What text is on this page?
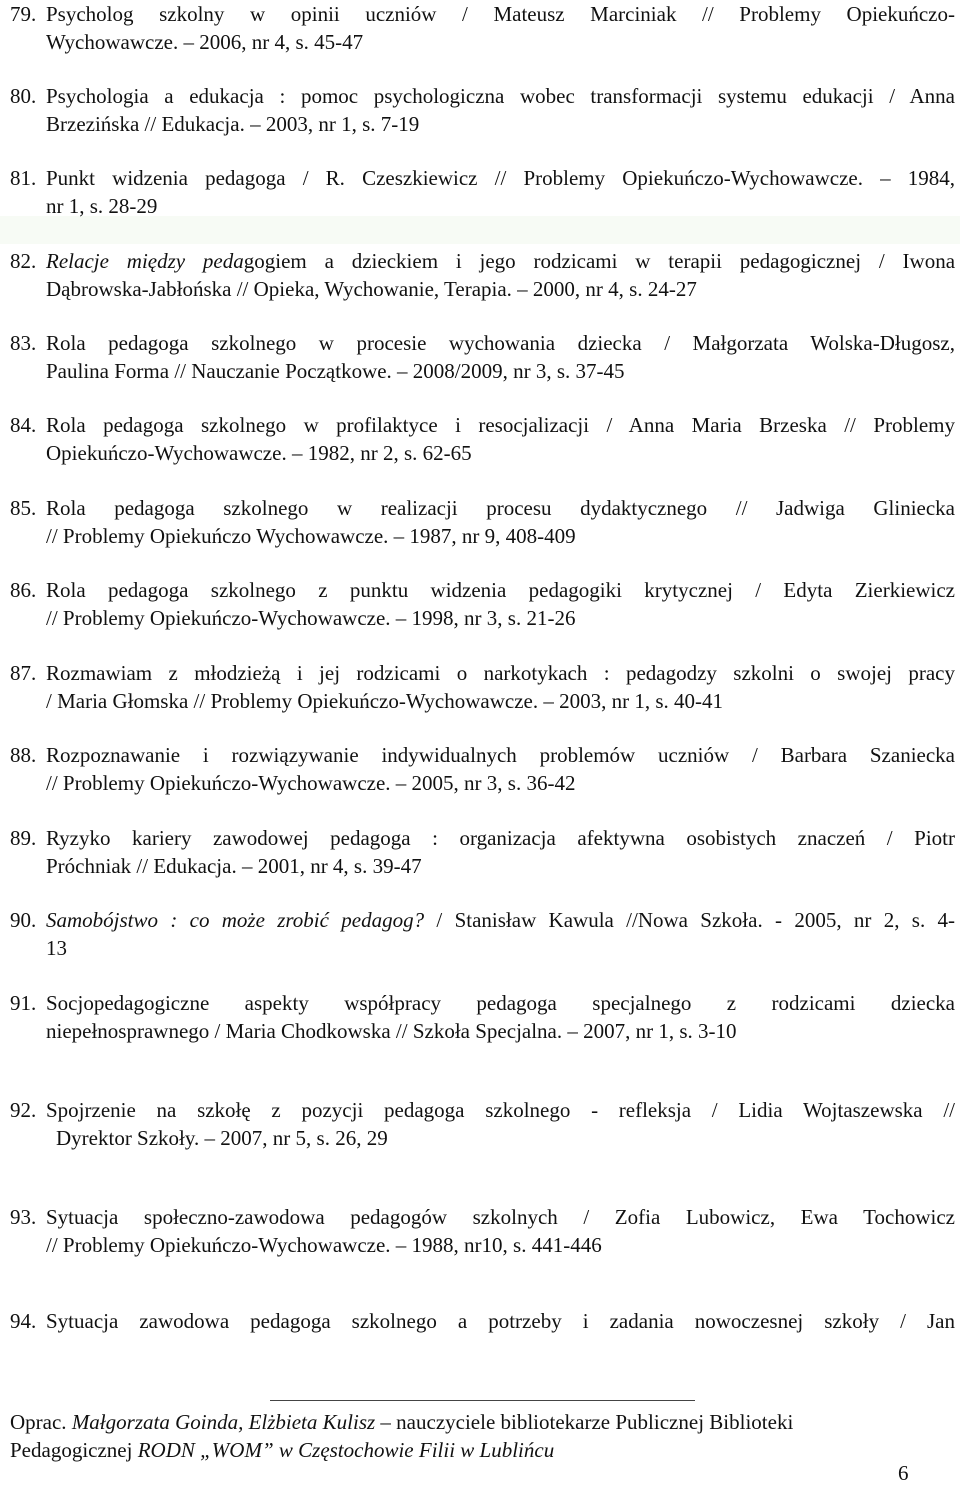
79. Psycholog szkolny w opinii uczniów / Mateusz Marciniak // Problemy Opiekuńczo-
Wychowawcze. – 2006, nr 4, s. 45-47
80. Psychologia a edukacja : pomoc psychologiczna wobec transformacji systemu edukacji / Anna
Brzezińska // Edukacja. – 2003, nr 1, s. 7-19
81. Punkt widzenia pedagoga / R. Czeszkiewicz // Problemy Opiekuńczo-Wychowawcze. – 1984,
nr 1, s. 28-29
82. Relacje między pedagogiem a dzieckiem i jego rodzicami w terapii pedagogicznej / Iwona
Dąbrowska-Jabłońska // Opieka, Wychowanie, Terapia. – 2000, nr 4, s. 24-27
83. Rola pedagoga szkolnego w procesie wychowania dziecka / Małgorzata Wolska-Długosz,
Paulina Forma // Nauczanie Początkowe. – 2008/2009, nr 3, s. 37-45
84. Rola pedagoga szkolnego w profilaktyce i resocjalizacji / Anna Maria Brzeska // Problemy
Opiekuńczo-Wychowawcze. – 1982, nr 2, s. 62-65
85. Rola pedagoga szkolnego w realizacji procesu dydaktycznego // Jadwiga Gliniecka
// Problemy Opiekuńczo Wychowawcze. – 1987, nr 9, 408-409
86. Rola pedagoga szkolnego z punktu widzenia pedagogiki krytycznej / Edyta Zierkiewicz
// Problemy Opiekuńczo-Wychowawcze. – 1998, nr 3, s. 21-26
87. Rozmawiam z młodzieżą i jej rodzicami o narkotykach : pedagodzy szkolni o swojej pracy
/ Maria Głomska // Problemy Opiekuńczo-Wychowawcze. – 2003, nr 1, s. 40-41
88. Rozpoznawanie i rozwiązywanie indywidualnych problemów uczniów / Barbara Szaniecka
// Problemy Opiekuńczo-Wychowawcze. – 2005, nr 3, s. 36-42
89. Ryzyko kariery zawodowej pedagoga : organizacja afektywna osobistych znaczeń / Piotr
Próchniak // Edukacja. – 2001, nr 4, s. 39-47
90. Samobójstwo : co może zrobić pedagog? / Stanisław Kawula //Nowa Szkoła. - 2005, nr 2, s. 4-
13
91. Socjopedagogiczne aspekty współpracy pedagoga specjalnego z rodzicami dziecka
niepełnosprawnego / Maria Chodkowska // Szkoła Specjalna. – 2007, nr 1, s. 3-10
92. Spojrzenie na szkołę z pozycji pedagoga szkolnego - refleksja / Lidia Wojtaszewska //
Dyrektor Szkoły. – 2007, nr 5, s. 26, 29
93. Sytuacja społeczno-zawodowa pedagogów szkolnych / Zofia Lubowicz, Ewa Tochowicz
// Problemy Opiekuńczo-Wychowawcze. – 1988, nr10, s. 441-446
94. Sytuacja zawodowa pedagoga szkolnego a potrzeby i zadania nowoczesnej szkoły / Jan
Oprac. Małgorzata Goinda, Elżbieta Kulisz – nauczyciele bibliotekarze Publicznej Biblioteki
Pedagogicznej RODN „WOM” w Częstochowie Filii w Lublińcu
6
